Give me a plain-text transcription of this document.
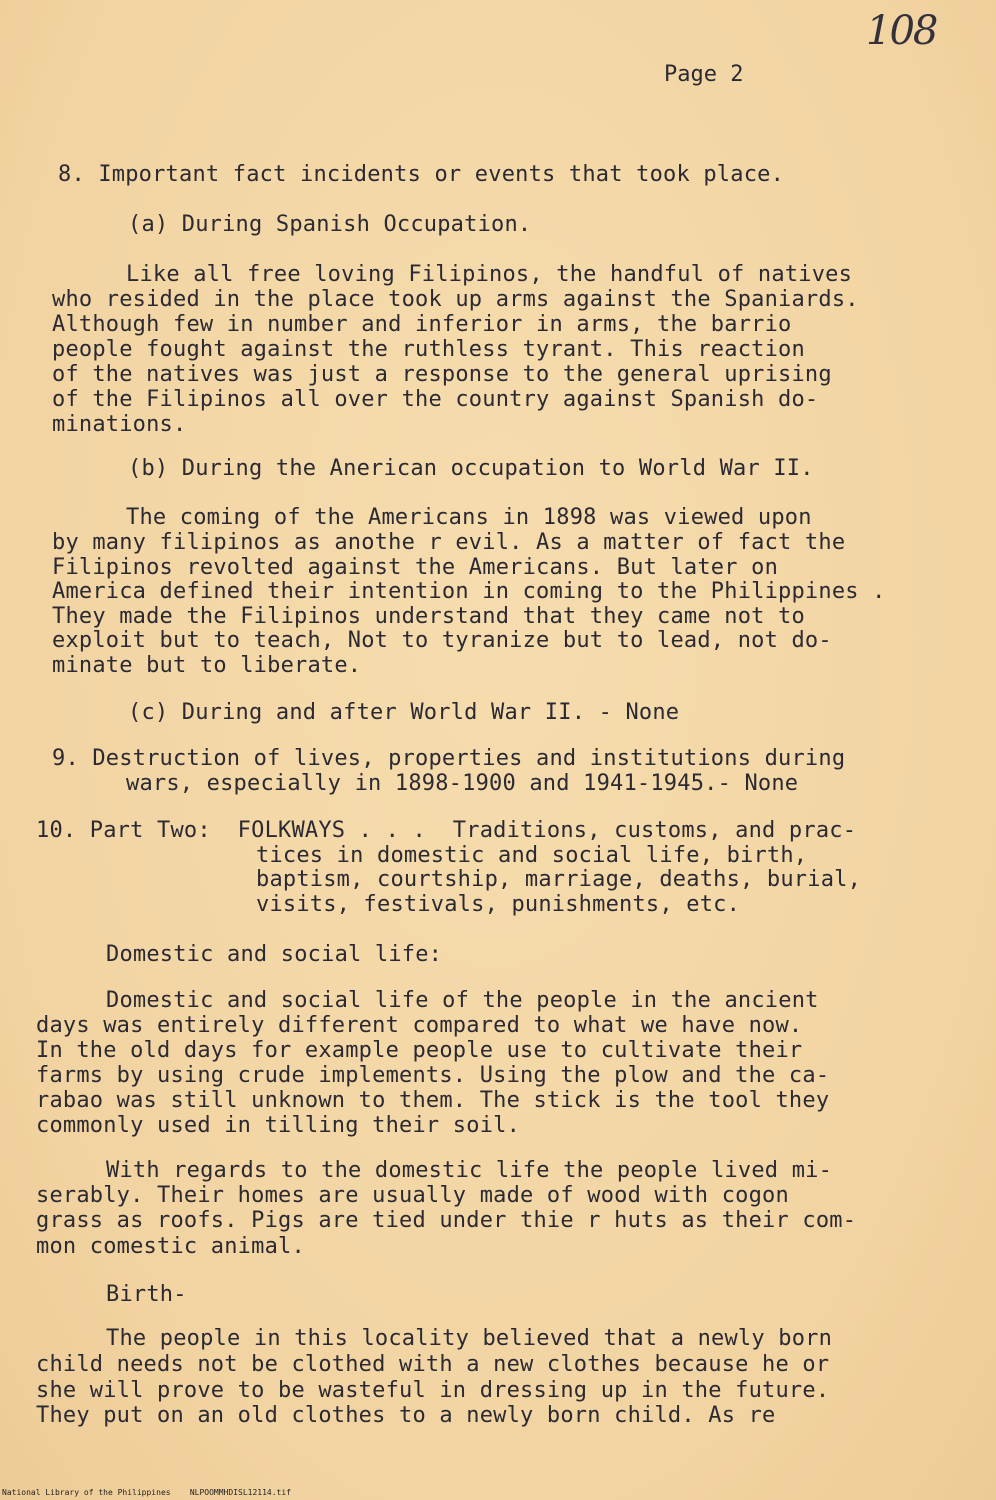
108
Page 2
8. Important fact incidents or events that took place.
(a) During Spanish Occupation.
Like all free loving Filipinos, the handful of natives
who resided in the place took up arms against the Spaniards.
Although few in number and inferior in arms, the barrio
people fought against the ruthless tyrant. This reaction
of the natives was just a response to the general uprising
of the Filipinos all over the country against Spanish do-
minations.
(b) During the Anerican occupation to World War II.
The coming of the Americans in 1898 was viewed upon
by many filipinos as anothe r evil. As a matter of fact the
Filipinos revolted against the Americans. But later on
America defined their intention in coming to the Philippines .
They made the Filipinos understand that they came not to
exploit but to teach, Not to tyranize but to lead, not do-
minate but to liberate.
(c) During and after World War II. - None
9. Destruction of lives, properties and institutions during
wars, especially in 1898-1900 and 1941-1945.- None
10. Part Two:  FOLKWAYS . . .  Traditions, customs, and prac-
tices in domestic and social life, birth,
baptism, courtship, marriage, deaths, burial,
visits, festivals, punishments, etc.
Domestic and social life:
Domestic and social life of the people in the ancient
days was entirely different compared to what we have now.
In the old days for example people use to cultivate their
farms by using crude implements. Using the plow and the ca-
rabao was still unknown to them. The stick is the tool they
commonly used in tilling their soil.
With regards to the domestic life the people lived mi-
serably. Their homes are usually made of wood with cogon
grass as roofs. Pigs are tied under thie r huts as their com-
mon comestic animal.
Birth-
The people in this locality believed that a newly born
child needs not be clothed with a new clothes because he or
she will prove to be wasteful in dressing up in the future.
They put on an old clothes to a newly born child. As re
National Library of the Philippines NLPOOMMHDISL12114.tif
